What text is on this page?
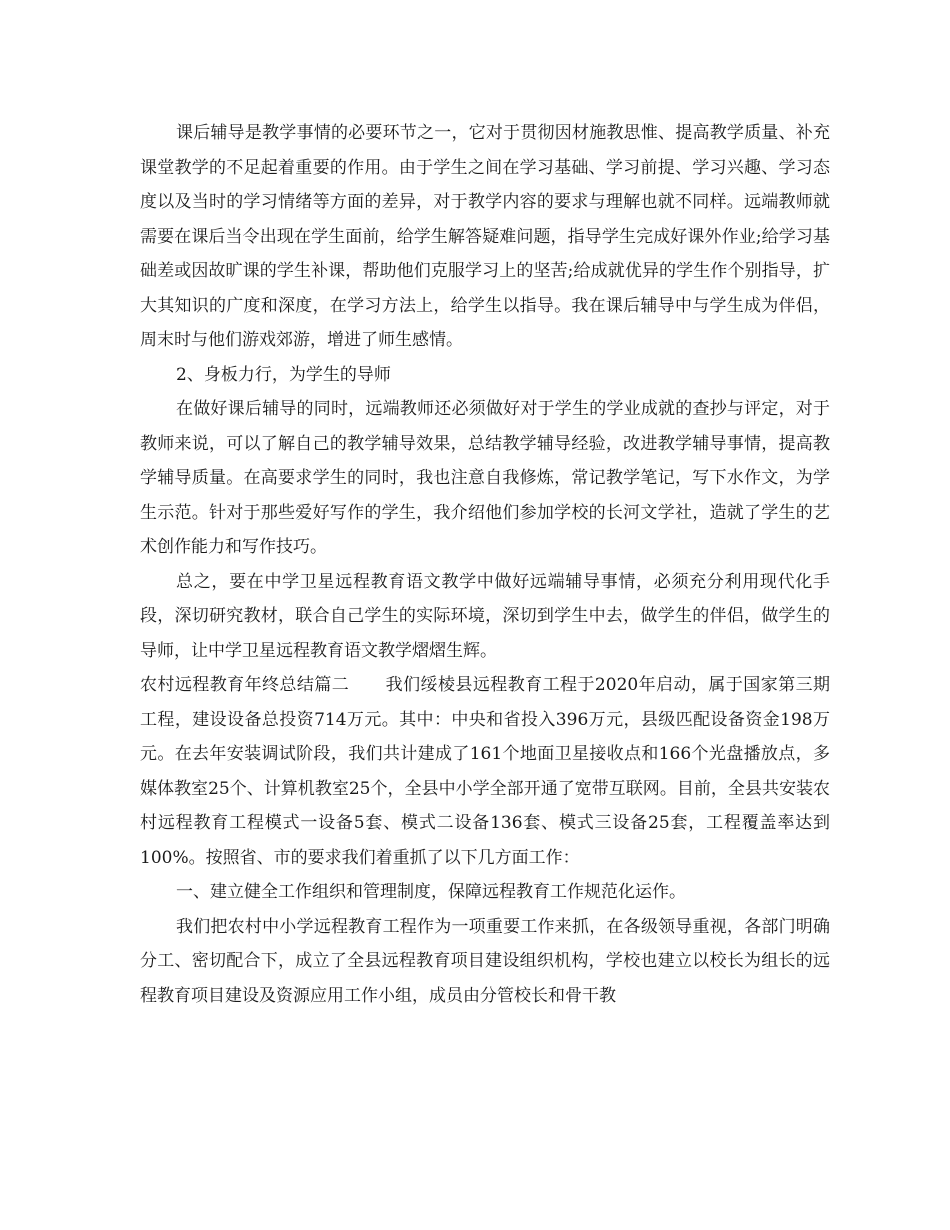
课后辅导是教学事情的必要环节之一，它对于贯彻因材施教思惟、提高教学质量、补充课堂教学的不足起着重要的作用。由于学生之间在学习基础、学习前提、学习兴趣、学习态度以及当时的学习情绪等方面的差异，对于教学内容的要求与理解也就不同样。远端教师就需要在课后当令出现在学生面前，给学生解答疑难问题，指导学生完成好课外作业;给学习基础差或因故旷课的学生补课，帮助他们克服学习上的坚苦;给成就优异的学生作个别指导，扩大其知识的广度和深度，在学习方法上，给学生以指导。我在课后辅导中与学生成为伴侣，周末时与他们游戏郊游，增进了师生感情。

2、身板力行，为学生的导师

在做好课后辅导的同时，远端教师还必须做好对于学生的学业成就的查抄与评定，对于教师来说，可以了解自己的教学辅导效果，总结教学辅导经验，改进教学辅导事情，提高教学辅导质量。在高要求学生的同时，我也注意自我修炼，常记教学笔记，写下水作文，为学生示范。针对于那些爱好写作的学生，我介绍他们参加学校的长河文学社，造就了学生的艺术创作能力和写作技巧。

总之，要在中学卫星远程教育语文教学中做好远端辅导事情，必须充分利用现代化手段，深切研究教材，联合自己学生的实际环境，深切到学生中去，做学生的伴侣，做学生的导师，让中学卫星远程教育语文教学熠熠生辉。

农村远程教育年终总结篇二 我们绥棱县远程教育工程于2020年启动，属于国家第三期工程，建设设备总投资714万元。其中：中央和省投入396万元，县级匹配设备资金198万元。在去年安装调试阶段，我们共计建成了161个地面卫星接收点和166个光盘播放点，多媒体教室25个、计算机教室25个，全县中小学全部开通了宽带互联网。目前，全县共安装农村远程教育工程模式一设备5套、模式二设备136套、模式三设备25套，工程覆盖率达到100%。按照省、市的要求我们着重抓了以下几方面工作：

一、建立健全工作组织和管理制度，保障远程教育工作规范化运作。

我们把农村中小学远程教育工程作为一项重要工作来抓，在各级领导重视，各部门明确分工、密切配合下，成立了全县远程教育项目建设组织机构，学校也建立以校长为组长的远程教育项目建设及资源应用工作小组，成员由分管校长和骨干教
